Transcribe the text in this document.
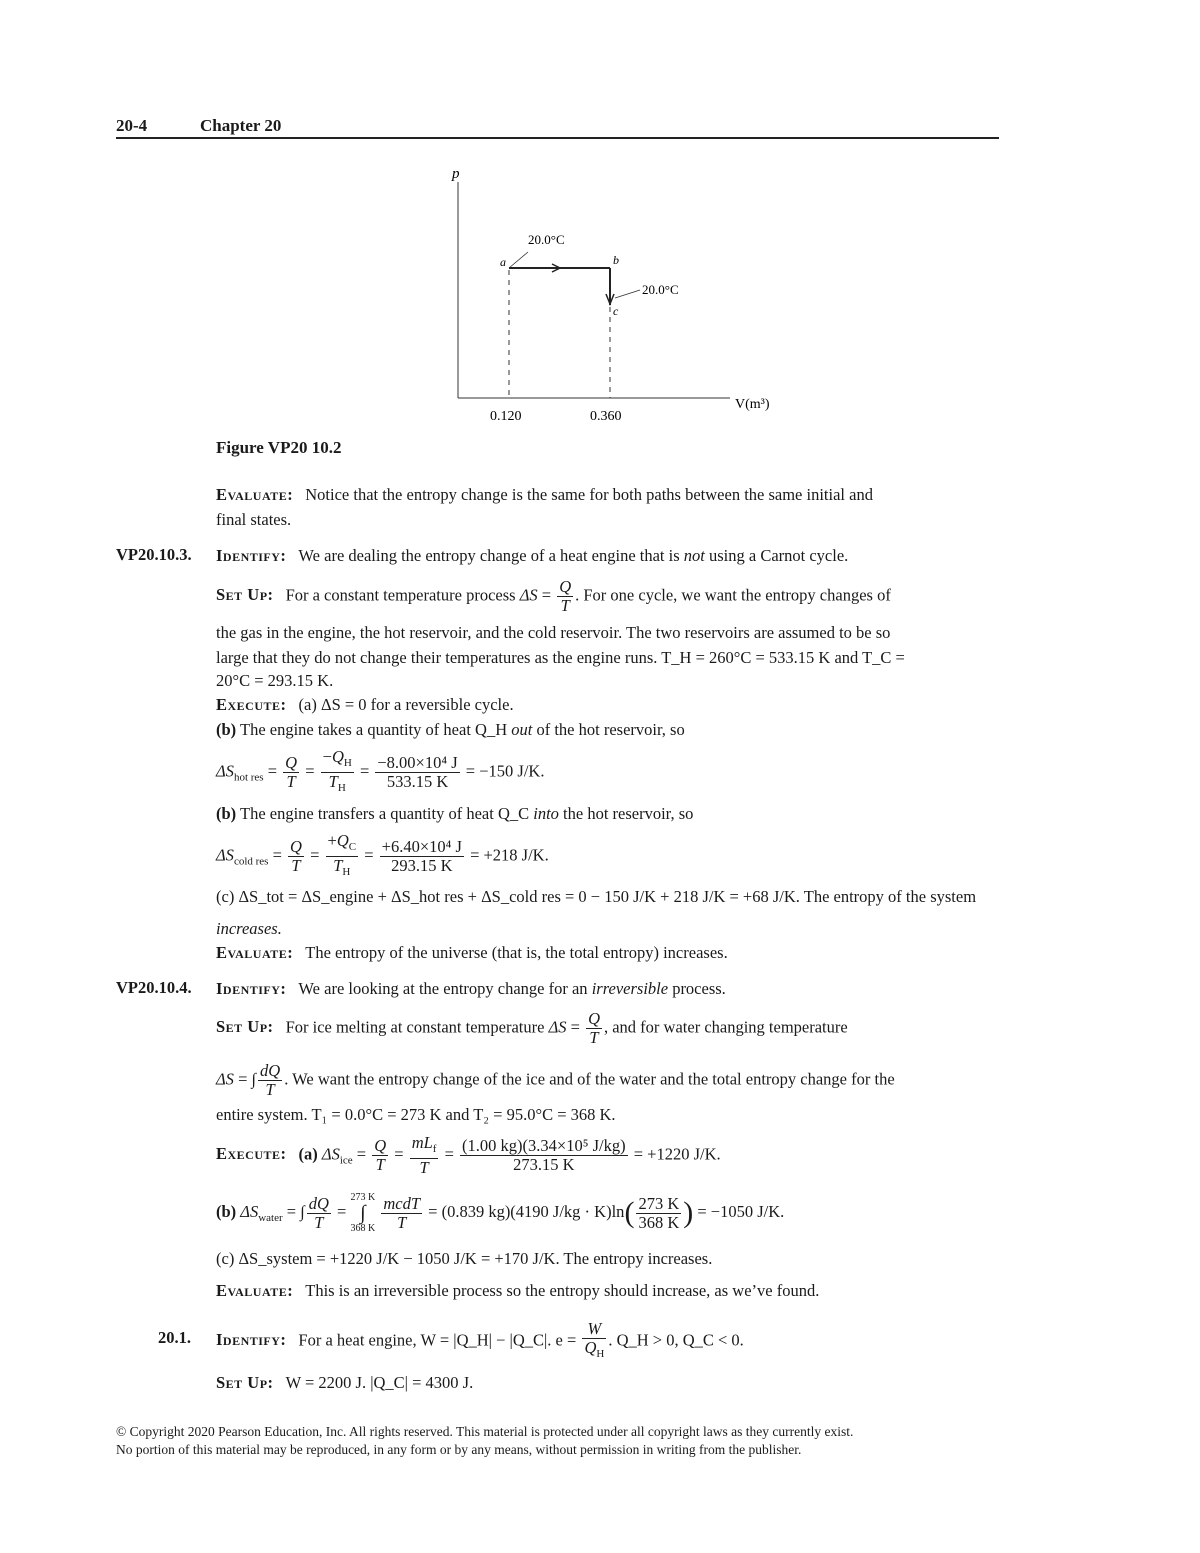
20-4	Chapter 20
p
V(m³)
a	b
c
20.0°C
20.0°C
0.120	0.360
Figure VP20 10.2
Evaluate: Notice that the entropy change is the same for both paths between the same initial and
final states.
VP20.10.3. Identify: We are dealing the entropy change of a heat engine that is not using a Carnot cycle.
Set Up: For a constant temperature process $\Delta S = \frac{Q}{T}$ . For one cycle, we want the entropy changes of
the gas in the engine, the hot reservoir, and the cold reservoir. The two reservoirs are assumed to be so
large that they do not change their temperatures as the engine runs. T_H = 260°C = 533.15 K and T_C =
20°C = 293.15 K.
Execute: (a) ΔS = 0 for a reversible cycle.
(b) The engine takes a quantity of heat Q_H out of the hot reservoir, so
$\Delta S_{hot res} = \frac{Q}{T} = \frac{-Q_H}{T_H} = \frac{\text{−8.00×10⁴ J}}{533.15 K} = -150$ J/K.
(b) The engine transfers a quantity of heat Q_C into the hot reservoir, so
$\Delta S_{cold res} = \frac{Q}{T} = \frac{+Q_C}{T_H} = \frac{\text{+6.40×10⁴ J}}{293.15 K} = +218$ J/K.
(c) ΔS_tot = ΔS_engine + ΔS_hot res + ΔS_cold res = 0 − 150 J/K + 218 J/K = +68 J/K. The entropy of the system
increases.
Evaluate: The entropy of the universe (that is, the total entropy) increases.
VP20.10.4. Identify: We are looking at the entropy change for an irreversible process.
Set Up: For ice melting at constant temperature $\Delta S = \frac{Q}{T}$ , and for water changing temperature
ΔS = ∫ $\frac{dQ}{T}$ . We want the entropy change of the ice and of the water and the total entropy change for the
entire system. T₁ = 0.0°C = 273 K and T₂ = 95.0°C = 368 K.
Execute: (a) $\Delta S_{ice} = \frac{Q}{T} = \frac{mL_f}{T} = \frac{\text{(1.00 kg)(3.34×10⁵ J/kg)}}{273.15 K} = +1220$ J/K.
(b) $\Delta S_{water}$ = ∫ $\frac{dQ}{T} = 273$ K
∫
368 K $\frac{\text{mcdT}}{T} = (0.839$ kg)(4190 $J/kg \cdot K)\ln( \frac{273 K}{368 K}$ ) = −1050 J/K.
(c) ΔS_system = +1220 J/K − 1050 J/K = +170 J/K. The entropy increases.
Evaluate: This is an irreversible process so the entropy should increase, as we’ve found.
20.1. Identify: For a heat engine, W = |Q_H| − |Q_C|. $e = \frac{W}{Q_H}$ . Q_H > 0, Q_C < 0.
Set Up: W = 2200 J. |Q_C| = 4300 J.
© Copyright 2020 Pearson Education, Inc. All rights reserved. This material is protected under all copyright laws as they currently exist.
No portion of this material may be reproduced, in any form or by any means, without permission in writing from the publisher.
